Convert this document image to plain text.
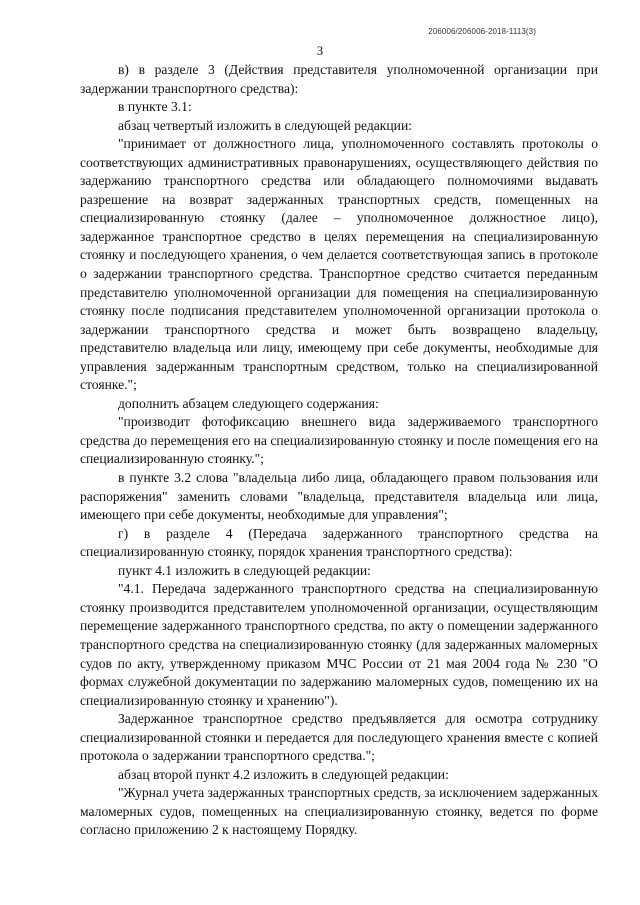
206006/206006-2018-1113(3)
3

в) в разделе 3 (Действия представителя уполномоченной организации при задержании транспортного средства):

в пункте 3.1:

абзац четвертый изложить в следующей редакции:

"принимает от должностного лица, уполномоченного составлять протоколы о соответствующих административных правонарушениях, осуществляющего действия по задержанию транспортного средства или обладающего полномочиями выдавать разрешение на возврат задержанных транспортных средств, помещенных на специализированную стоянку (далее – уполномоченное должностное лицо), задержанное транспортное средство в целях перемещения на специализированную стоянку и последующего хранения, о чем делается соответствующая запись в протоколе о задержании транспортного средства. Транспортное средство считается переданным представителю уполномоченной организации для помещения на специализированную стоянку после подписания представителем уполномоченной организации протокола о задержании транспортного средства и может быть возвращено владельцу, представителю владельца или лицу, имеющему при себе документы, необходимые для управления задержанным транспортным средством, только на специализированной стоянке.";

дополнить абзацем следующего содержания:

"производит фотофиксацию внешнего вида задерживаемого транспортного средства до перемещения его на специализированную стоянку и после помещения его на специализированную стоянку.";

в пункте 3.2 слова "владельца либо лица, обладающего правом пользования или распоряжения" заменить словами "владельца, представителя владельца или лица, имеющего при себе документы, необходимые для управления";

г) в разделе 4 (Передача задержанного транспортного средства на специализированную стоянку, порядок хранения транспортного средства):

пункт 4.1 изложить в следующей редакции:

"4.1. Передача задержанного транспортного средства на специализированную стоянку производится представителем уполномоченной организации, осуществляющим перемещение задержанного транспортного средства, по акту о помещении задержанного транспортного средства на специализированную стоянку (для задержанных маломерных судов по акту, утвержденному приказом МЧС России от 21 мая 2004 года № 230 "О формах служебной документации по задержанию маломерных судов, помещению их на специализированную стоянку и хранению").

Задержанное транспортное средство предъявляется для осмотра сотруднику специализированной стоянки и передается для последующего хранения вместе с копией протокола о задержании транспортного средства.";

абзац второй пункт 4.2 изложить в следующей редакции:

"Журнал учета задержанных транспортных средств, за исключением задержанных маломерных судов, помещенных на специализированную стоянку, ведется по форме согласно приложению 2 к настоящему Порядку.
